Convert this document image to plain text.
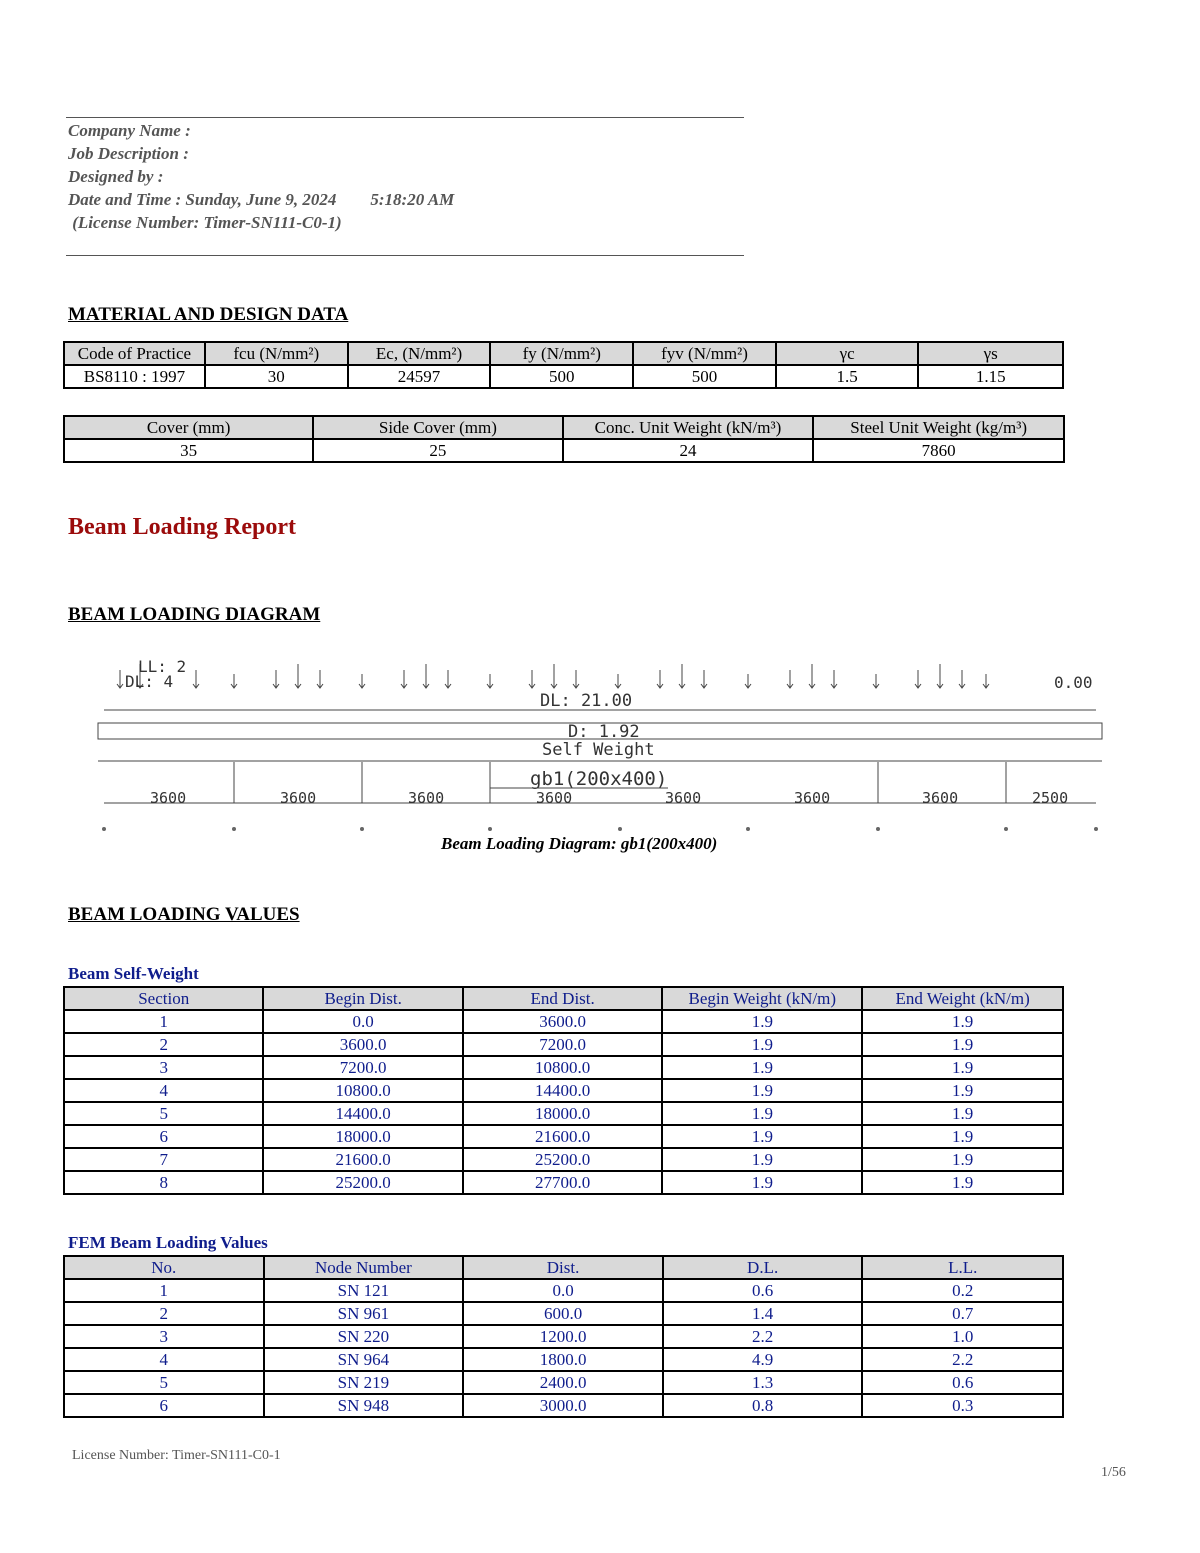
Company Name :
Job Description :
Designed by :
Date and Time : Sunday, June 9, 2024        5:18:20 AM
(License Number: Timer-SN111-C0-1)
MATERIAL AND DESIGN DATA
Code of Practice	fcu (N/mm²)	Ec, (N/mm²)	fy (N/mm²)	fyv (N/mm²)	γc	γs
BS8110 : 1997	30	24597	500	500	1.5	1.15
Cover (mm)	Side Cover (mm)	Conc. Unit Weight (kN/m³)	Steel Unit Weight (kg/m³)
35	25	24	7860
Beam Loading Report
BEAM LOADING DIAGRAM
LL: 2
DL: 4	0.00
DL: 21.00
D: 1.92
Self Weight
gb1(200x400)
3600	3600	3600	3600	3600	3600	3600	2500
Beam Loading Diagram: gb1(200x400)
BEAM LOADING VALUES
Beam Self-Weight
Section	Begin Dist.	End Dist.	Begin Weight (kN/m)	End Weight (kN/m)
1	0.0	3600.0	1.9	1.9
2	3600.0	7200.0	1.9	1.9
3	7200.0	10800.0	1.9	1.9
4	10800.0	14400.0	1.9	1.9
5	14400.0	18000.0	1.9	1.9
6	18000.0	21600.0	1.9	1.9
7	21600.0	25200.0	1.9	1.9
8	25200.0	27700.0	1.9	1.9
FEM Beam Loading Values
No.	Node Number	Dist.	D.L.	L.L.
1	SN 121	0.0	0.6	0.2
2	SN 961	600.0	1.4	0.7
3	SN 220	1200.0	2.2	1.0
4	SN 964	1800.0	4.9	2.2
5	SN 219	2400.0	1.3	0.6
6	SN 948	3000.0	0.8	0.3
License Number: Timer-SN111-C0-1
1/56
